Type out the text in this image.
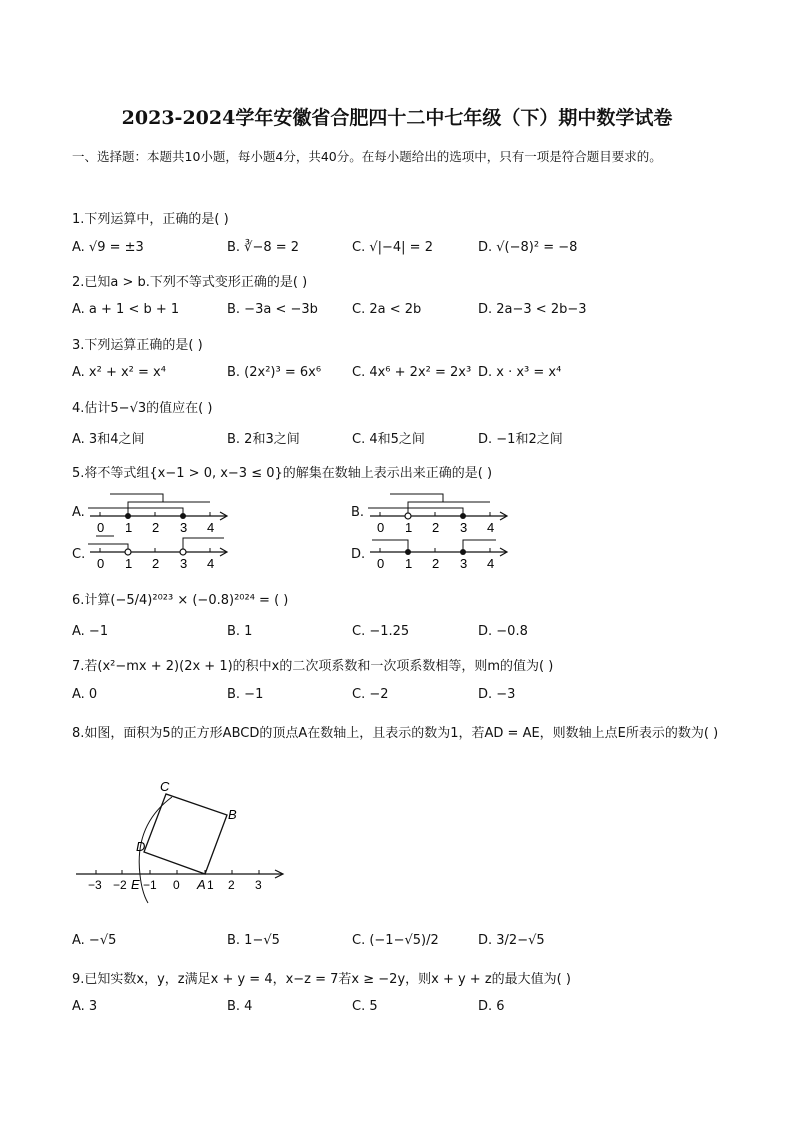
2023-2024学年安徽省合肥四十二中七年级（下）期中数学试卷
一、选择题：本题共10小题，每小题4分，共40分。在每小题给出的选项中，只有一项是符合题目要求的。
1.下列运算中，正确的是( )
A. √9 = ±3	B. ∛−8 = 2	C. √|−4| = 2	D. √(−8)² = −8
2.已知a > b.下列不等式变形正确的是( )
A. a + 1 < b + 1	B. −3a < −3b	C. 2a < 2b	D. 2a−3 < 2b−3
3.下列运算正确的是( )
A. x² + x² = x⁴	B. (2x²)³ = 6x⁶ C. 4x⁶ + 2x² = 2x³ D. x · x³ = x⁴
4.估计5−√3的值应在( )
A. 3和4之间	B. 2和3之间	C. 4和5之间	D. −1和2之间
5.将不等式组{x−1 > 0, x−3 ≤ 0}的解集在数轴上表示出来正确的是( )
A.
0 1 2 3 4
B.
0 1 2 3 4
C.
0 1 2 3 4
D.
0 1 2 3 4
6.计算(−5/4)²⁰²³ × (−0.8)²⁰²⁴ = ( )
A. −1	B. 1	C. −1.25	D. −0.8
7.若(x²−mx + 2)(2x + 1)的积中x的二次项系数和一次项系数相等，则m的值为( )
A. 0	B. −1	C. −2	D. −3
8.如图，面积为5的正方形ABCD的顶点A在数轴上，且表示的数为1，若AD = AE，则数轴上点E所表示的数为( )
C
B
D
A
E
−3 −2 −1 0 1 2 3
A. −√5	B. 1−√5	C. (−1−√5)/2	D. 3/2−√5
9.已知实数x，y，z满足x + y = 4，x−z = 7若x ≥ −2y，则x + y + z的最大值为( )
A. 3	B. 4	C. 5	D. 6
